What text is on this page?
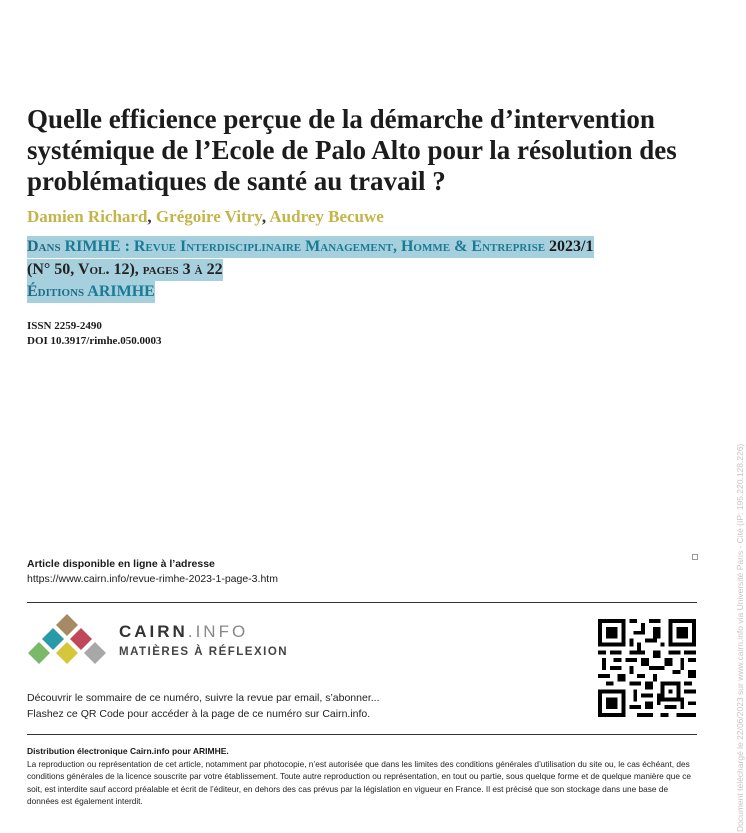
Quelle efficience perçue de la démarche d’intervention systémique de l’Ecole de Palo Alto pour la résolution des problématiques de santé au travail ?
Damien Richard, Grégoire Vitry, Audrey Becuwe
Dans RIMHE : Revue Interdisciplinaire Management, Homme & Entreprise 2023/1
(N° 50, Vol. 12), pages 3 à 22
Éditions ARIMHE
ISSN 2259-2490
DOI 10.3917/rimhe.050.0003
Article disponible en ligne à l’adresse
https://www.cairn.info/revue-rimhe-2023-1-page-3.htm
CAIRN.INFO
MATIÈRES À RÉFLEXION
Découvrir le sommaire de ce numéro, suivre la revue par email, s’abonner...
Flashez ce QR Code pour accéder à la page de ce numéro sur Cairn.info.
Distribution électronique Cairn.info pour ARIMHE.
La reproduction ou représentation de cet article, notamment par photocopie, n’est autorisée que dans les limites des conditions générales d’utilisation du site ou, le cas échéant, des conditions générales de la licence souscrite par votre établissement. Toute autre reproduction ou représentation, en tout ou partie, sous quelque forme et de quelque manière que ce soit, est interdite sauf accord préalable et écrit de l’éditeur, en dehors des cas prévus par la législation en vigueur en France. Il est précisé que son stockage dans une base de données est également interdit.	Document téléchargé le 22/06/2023 sur www.cairn.info via Université Paris - Cité (IP: 195.220.128.226)
